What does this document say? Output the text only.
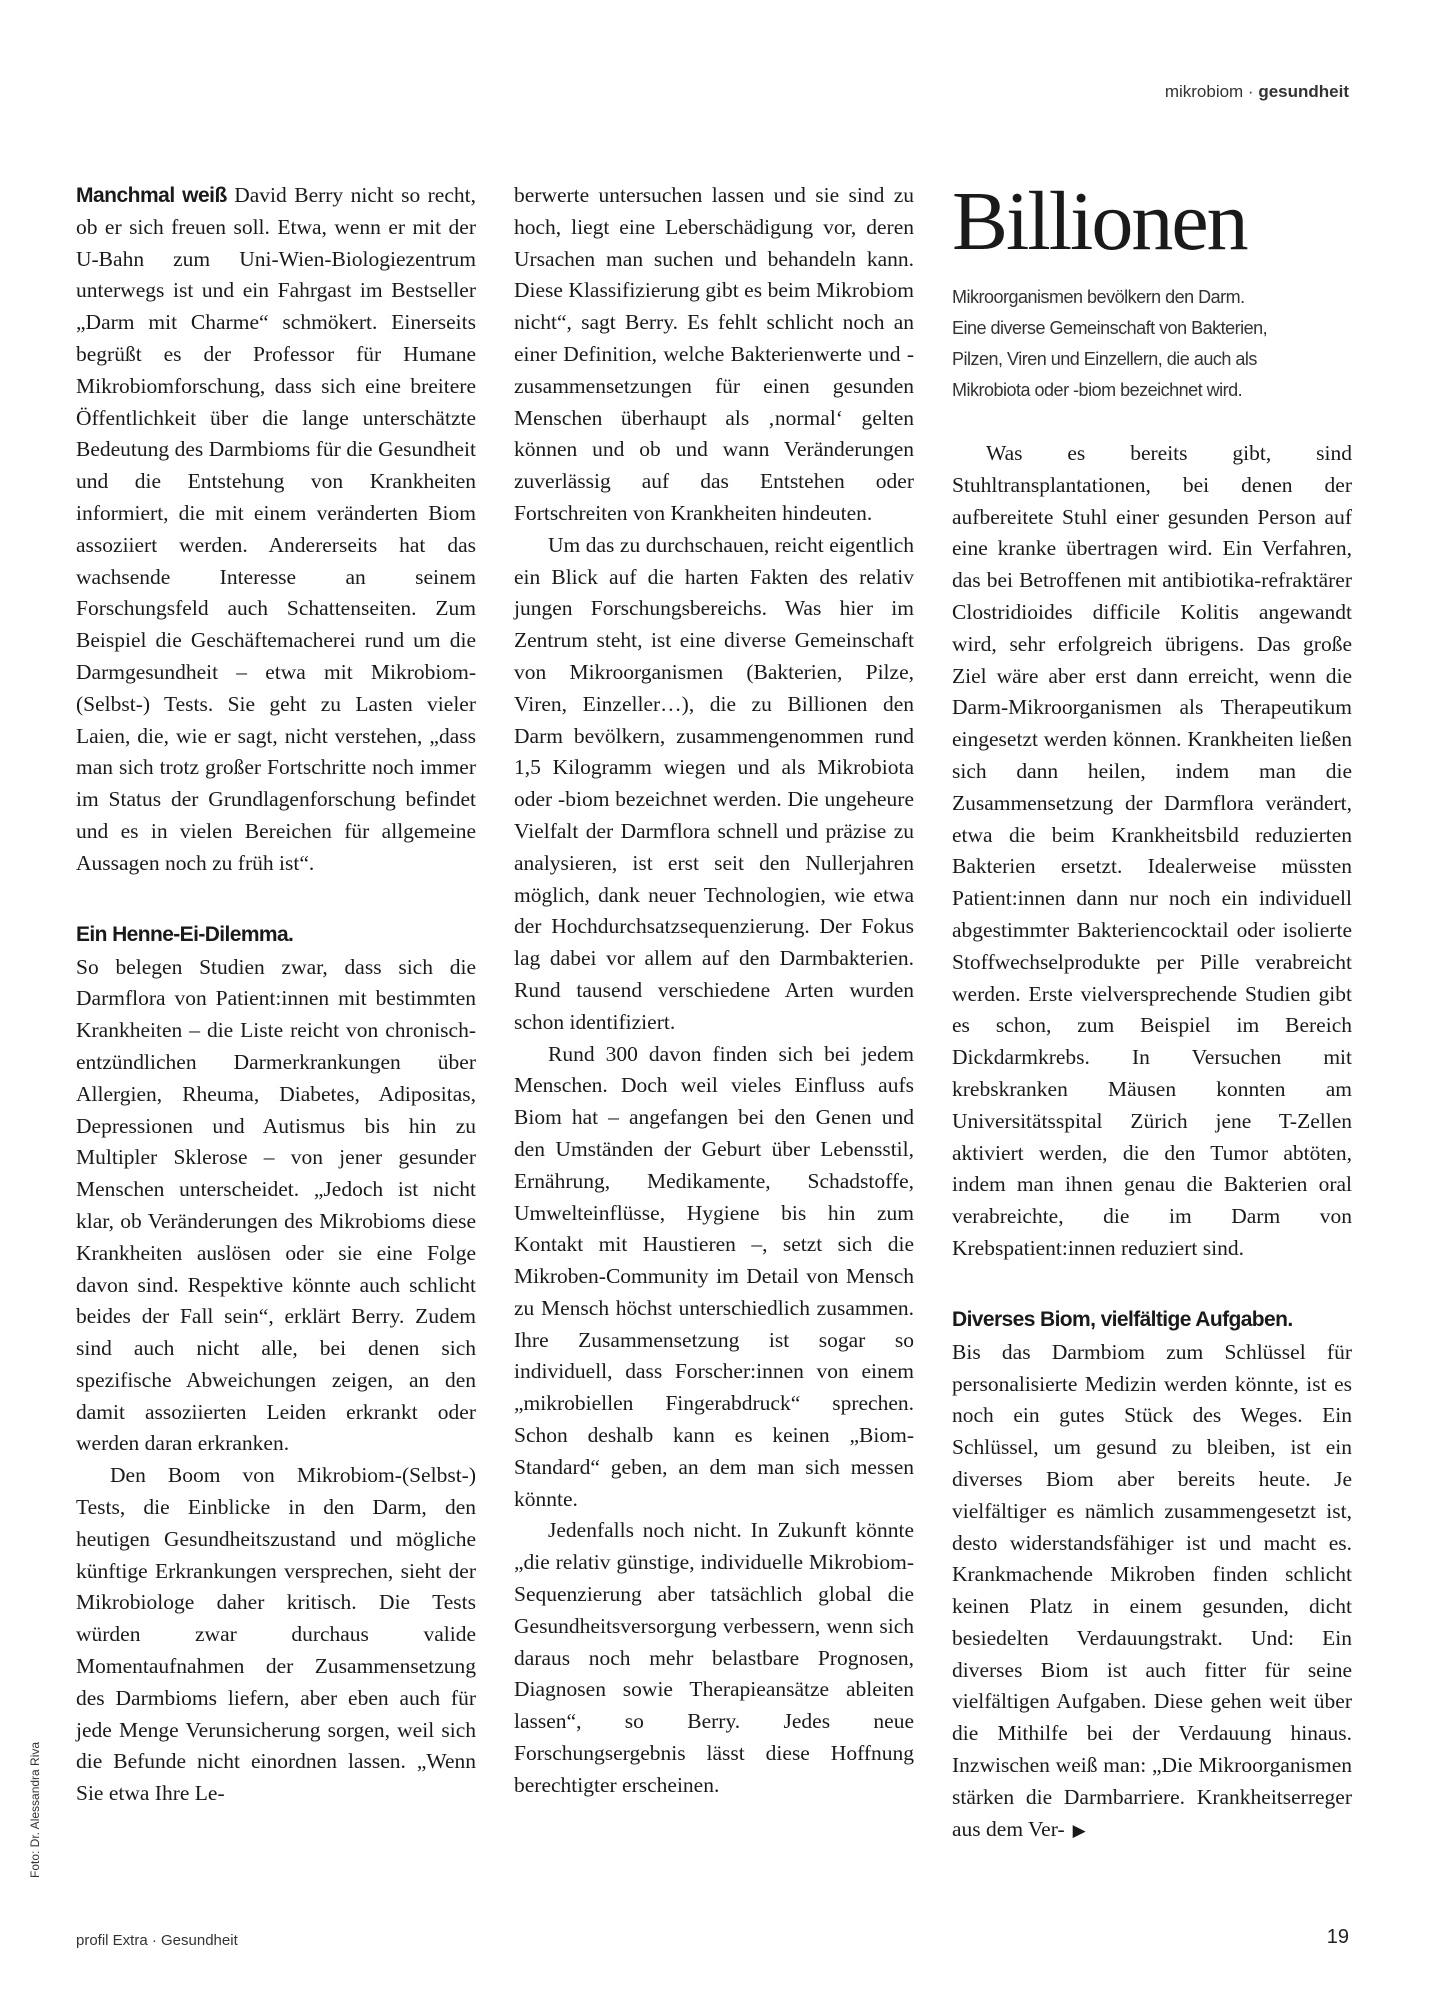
mikrobiom · gesundheit

Manchmal weiß David Berry nicht so recht, ob er sich freuen soll. Etwa, wenn er mit der U-Bahn zum Uni-Wien-Biologiezentrum unterwegs ist und ein Fahrgast im Bestseller „Darm mit Charme“ schmökert. Einerseits begrüßt es der Professor für Humane Mikrobiomforschung, dass sich eine breitere Öffentlichkeit über die lange unterschätzte Bedeutung des Darmbioms für die Gesundheit und die Entstehung von Krankheiten informiert, die mit einem veränderten Biom assoziiert werden. Andererseits hat das wachsende Interesse an seinem Forschungsfeld auch Schattenseiten. Zum Beispiel die Geschäftemacherei rund um die Darmgesundheit – etwa mit Mikrobiom-(Selbst-) Tests. Sie geht zu Lasten vieler Laien, die, wie er sagt, nicht verstehen, „dass man sich trotz großer Fortschritte noch immer im Status der Grundlagenforschung befindet und es in vielen Bereichen für allgemeine Aussagen noch zu früh ist“.

Ein Henne-Ei-Dilemma.

So belegen Studien zwar, dass sich die Darmflora von Patient:innen mit bestimmten Krankheiten – die Liste reicht von chronisch-entzündlichen Darmerkrankungen über Allergien, Rheuma, Diabetes, Adipositas, Depressionen und Autismus bis hin zu Multipler Sklerose – von jener gesunder Menschen unterscheidet. „Jedoch ist nicht klar, ob Veränderungen des Mikrobioms diese Krankheiten auslösen oder sie eine Folge davon sind. Respektive könnte auch schlicht beides der Fall sein“, erklärt Berry. Zudem sind auch nicht alle, bei denen sich spezifische Abweichungen zeigen, an den damit assoziierten Leiden erkrankt oder werden daran erkranken.

Den Boom von Mikrobiom-(Selbst-) Tests, die Einblicke in den Darm, den heutigen Gesundheitszustand und mögliche künftige Erkrankungen versprechen, sieht der Mikrobiologe daher kritisch. Die Tests würden zwar durchaus valide Momentaufnahmen der Zusammensetzung des Darmbioms liefern, aber eben auch für jede Menge Verunsicherung sorgen, weil sich die Befunde nicht einordnen lassen. „Wenn Sie etwa Ihre Le-

berwerte untersuchen lassen und sie sind zu hoch, liegt eine Leberschädigung vor, deren Ursachen man suchen und behandeln kann. Diese Klassifizierung gibt es beim Mikrobiom nicht“, sagt Berry. Es fehlt schlicht noch an einer Definition, welche Bakterienwerte und -zusammensetzungen für einen gesunden Menschen überhaupt als ‚normal‘ gelten können und ob und wann Veränderungen zuverlässig auf das Entstehen oder Fortschreiten von Krankheiten hindeuten.

Um das zu durchschauen, reicht eigentlich ein Blick auf die harten Fakten des relativ jungen Forschungsbereichs. Was hier im Zentrum steht, ist eine diverse Gemeinschaft von Mikroorganismen (Bakterien, Pilze, Viren, Einzeller…), die zu Billionen den Darm bevölkern, zusammengenommen rund 1,5 Kilogramm wiegen und als Mikrobiota oder -biom bezeichnet werden. Die ungeheure Vielfalt der Darmflora schnell und präzise zu analysieren, ist erst seit den Nullerjahren möglich, dank neuer Technologien, wie etwa der Hochdurchsatzsequenzierung. Der Fokus lag dabei vor allem auf den Darmbakterien. Rund tausend verschiedene Arten wurden schon identifiziert.

Rund 300 davon finden sich bei jedem Menschen. Doch weil vieles Einfluss aufs Biom hat – angefangen bei den Genen und den Umständen der Geburt über Lebensstil, Ernährung, Medikamente, Schadstoffe, Umwelteinflüsse, Hygiene bis hin zum Kontakt mit Haustieren –, setzt sich die Mikroben-Community im Detail von Mensch zu Mensch höchst unterschiedlich zusammen. Ihre Zusammensetzung ist sogar so individuell, dass Forscher:innen von einem „mikrobiellen Fingerabdruck“ sprechen. Schon deshalb kann es keinen „Biom-Standard“ geben, an dem man sich messen könnte.

Jedenfalls noch nicht. In Zukunft könnte „die relativ günstige, individuelle Mikrobiom-Sequenzierung aber tatsächlich global die Gesundheitsversorgung verbessern, wenn sich daraus noch mehr belastbare Prognosen, Diagnosen sowie Therapieansätze ableiten lassen“, so Berry. Jedes neue Forschungsergebnis lässt diese Hoffnung berechtigter erscheinen.

Billionen
Mikroorganismen bevölkern den Darm.
Eine diverse Gemeinschaft von Bakterien,
Pilzen, Viren und Einzellern, die auch als
Mikrobiota oder -biom bezeichnet wird.

Was es bereits gibt, sind Stuhltransplantationen, bei denen der aufbereitete Stuhl einer gesunden Person auf eine kranke übertragen wird. Ein Verfahren, das bei Betroffenen mit antibiotika-refraktärer Clostridioides difficile Kolitis angewandt wird, sehr erfolgreich übrigens. Das große Ziel wäre aber erst dann erreicht, wenn die Darm-Mikroorganismen als Therapeutikum eingesetzt werden können. Krankheiten ließen sich dann heilen, indem man die Zusammensetzung der Darmflora verändert, etwa die beim Krankheitsbild reduzierten Bakterien ersetzt. Idealerweise müssten Patient:innen dann nur noch ein individuell abgestimmter Bakteriencocktail oder isolierte Stoffwechselprodukte per Pille verabreicht werden. Erste vielversprechende Studien gibt es schon, zum Beispiel im Bereich Dickdarmkrebs. In Versuchen mit krebskranken Mäusen konnten am Universitätsspital Zürich jene T-Zellen aktiviert werden, die den Tumor abtöten, indem man ihnen genau die Bakterien oral verabreichte, die im Darm von Krebspatient:innen reduziert sind.

Diverses Biom, vielfältige Aufgaben.

Bis das Darmbiom zum Schlüssel für personalisierte Medizin werden könnte, ist es noch ein gutes Stück des Weges. Ein Schlüssel, um gesund zu bleiben, ist ein diverses Biom aber bereits heute. Je vielfältiger es nämlich zusammengesetzt ist, desto widerstandsfähiger ist und macht es. Krankmachende Mikroben finden schlicht keinen Platz in einem gesunden, dicht besiedelten Verdauungstrakt. Und: Ein diverses Biom ist auch fitter für seine vielfältigen Aufgaben. Diese gehen weit über die Mithilfe bei der Verdauung hinaus. Inzwischen weiß man: „Die Mikroorganismen stärken die Darmbarriere. Krankheitserreger aus dem Ver- ▶

Foto: Dr. Alessandra Riva
profil Extra · Gesundheit	19
